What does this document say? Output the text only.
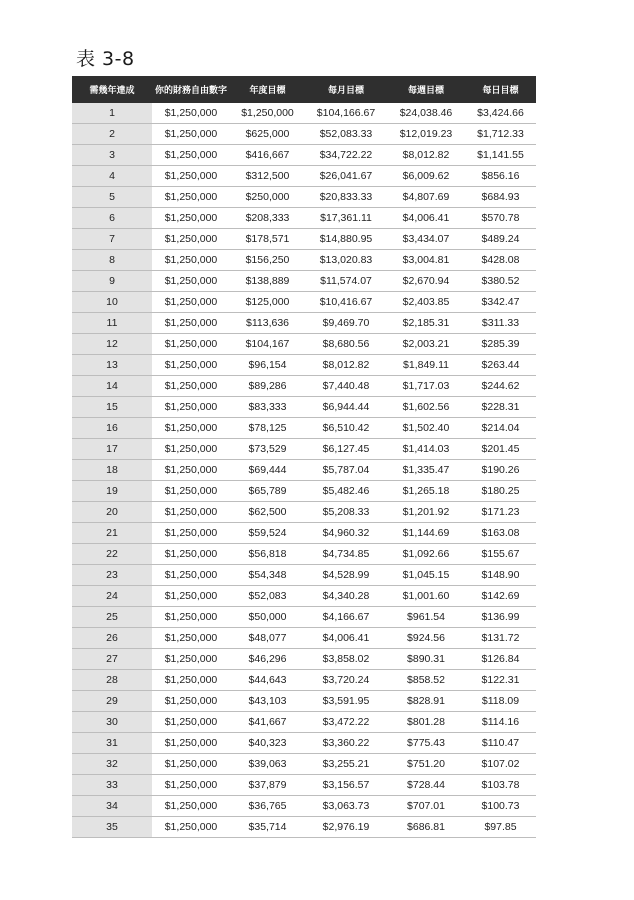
表 3-8
需幾年達成	你的財務自由數字	年度目標	每月目標	每週目標	每日目標
1	$1,250,000	$1,250,000	$104,166.67	$24,038.46	$3,424.66
2	$1,250,000	$625,000	$52,083.33	$12,019.23	$1,712.33
3	$1,250,000	$416,667	$34,722.22	$8,012.82	$1,141.55
4	$1,250,000	$312,500	$26,041.67	$6,009.62	$856.16
5	$1,250,000	$250,000	$20,833.33	$4,807.69	$684.93
6	$1,250,000	$208,333	$17,361.11	$4,006.41	$570.78
7	$1,250,000	$178,571	$14,880.95	$3,434.07	$489.24
8	$1,250,000	$156,250	$13,020.83	$3,004.81	$428.08
9	$1,250,000	$138,889	$11,574.07	$2,670.94	$380.52
10	$1,250,000	$125,000	$10,416.67	$2,403.85	$342.47
11	$1,250,000	$113,636	$9,469.70	$2,185.31	$311.33
12	$1,250,000	$104,167	$8,680.56	$2,003.21	$285.39
13	$1,250,000	$96,154	$8,012.82	$1,849.11	$263.44
14	$1,250,000	$89,286	$7,440.48	$1,717.03	$244.62
15	$1,250,000	$83,333	$6,944.44	$1,602.56	$228.31
16	$1,250,000	$78,125	$6,510.42	$1,502.40	$214.04
17	$1,250,000	$73,529	$6,127.45	$1,414.03	$201.45
18	$1,250,000	$69,444	$5,787.04	$1,335.47	$190.26
19	$1,250,000	$65,789	$5,482.46	$1,265.18	$180.25
20	$1,250,000	$62,500	$5,208.33	$1,201.92	$171.23
21	$1,250,000	$59,524	$4,960.32	$1,144.69	$163.08
22	$1,250,000	$56,818	$4,734.85	$1,092.66	$155.67
23	$1,250,000	$54,348	$4,528.99	$1,045.15	$148.90
24	$1,250,000	$52,083	$4,340.28	$1,001.60	$142.69
25	$1,250,000	$50,000	$4,166.67	$961.54	$136.99
26	$1,250,000	$48,077	$4,006.41	$924.56	$131.72
27	$1,250,000	$46,296	$3,858.02	$890.31	$126.84
28	$1,250,000	$44,643	$3,720.24	$858.52	$122.31
29	$1,250,000	$43,103	$3,591.95	$828.91	$118.09
30	$1,250,000	$41,667	$3,472.22	$801.28	$114.16
31	$1,250,000	$40,323	$3,360.22	$775.43	$110.47
32	$1,250,000	$39,063	$3,255.21	$751.20	$107.02
33	$1,250,000	$37,879	$3,156.57	$728.44	$103.78
34	$1,250,000	$36,765	$3,063.73	$707.01	$100.73
35	$1,250,000	$35,714	$2,976.19	$686.81	$97.85
